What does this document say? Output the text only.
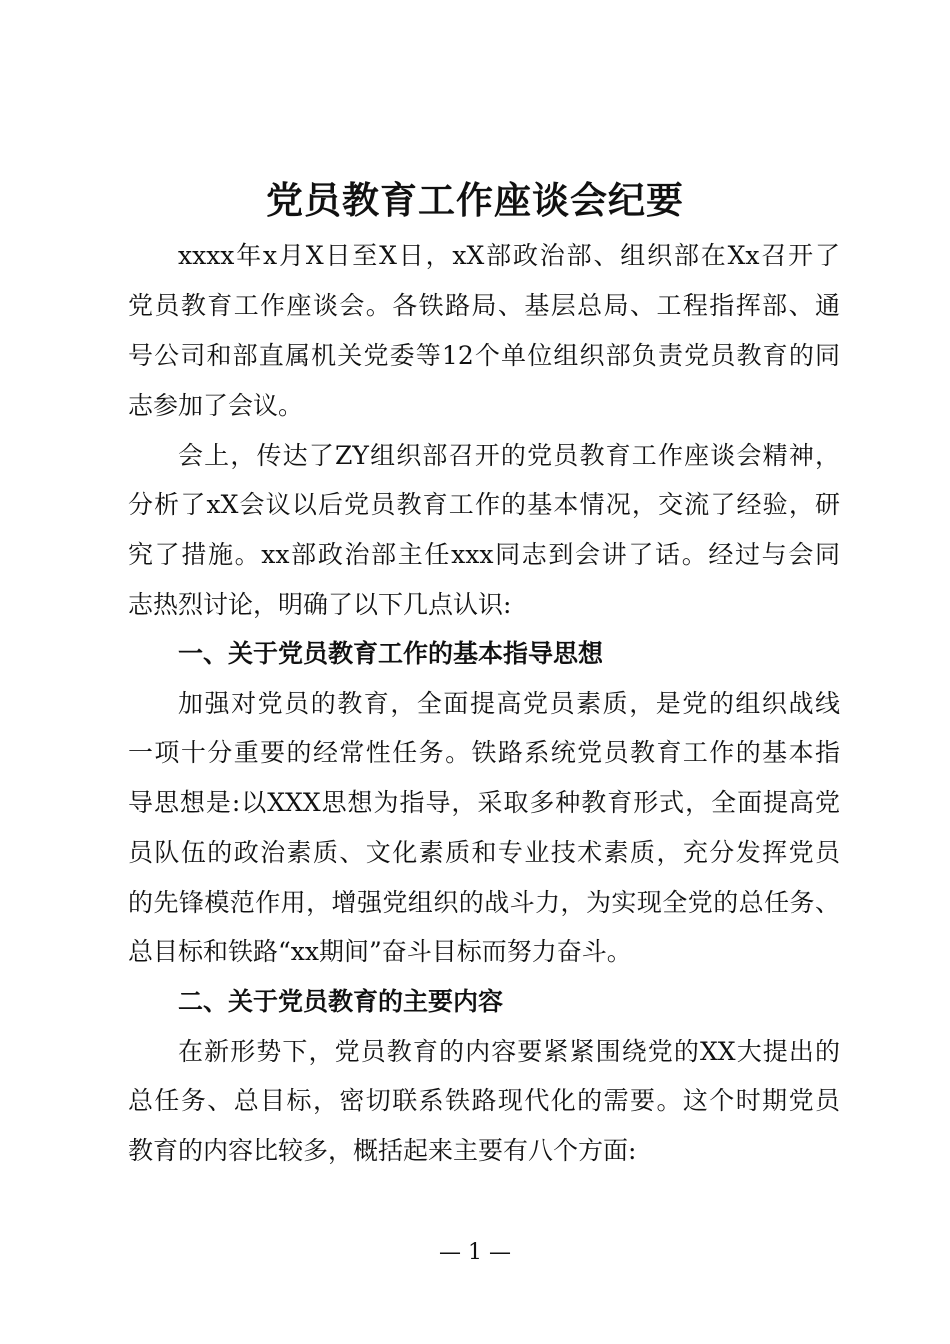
党员教育工作座谈会纪要
xxxx年x月X日至X日，xX部政治部、组织部在Xx召开了
党员教育工作座谈会。各铁路局、基层总局、工程指挥部、通
号公司和部直属机关党委等12个单位组织部负责党员教育的同
志参加了会议。
会上，传达了ZY组织部召开的党员教育工作座谈会精神，
分析了xX会议以后党员教育工作的基本情况，交流了经验，研
究了措施。xx部政治部主任xxx同志到会讲了话。经过与会同
志热烈讨论，明确了以下几点认识:
一、关于党员教育工作的基本指导思想
加强对党员的教育，全面提高党员素质，是党的组织战线
一项十分重要的经常性任务。铁路系统党员教育工作的基本指
导思想是:以XXX思想为指导，采取多种教育形式，全面提高党
员队伍的政治素质、文化素质和专业技术素质，充分发挥党员
的先锋模范作用，增强党组织的战斗力，为实现全党的总任务、
总目标和铁路“xx期间”奋斗目标而努力奋斗。
二、关于党员教育的主要内容
在新形势下，党员教育的内容要紧紧围绕党的XX大提出的
总任务、总目标，密切联系铁路现代化的需要。这个时期党员
教育的内容比较多，概括起来主要有八个方面:
— 1 —
